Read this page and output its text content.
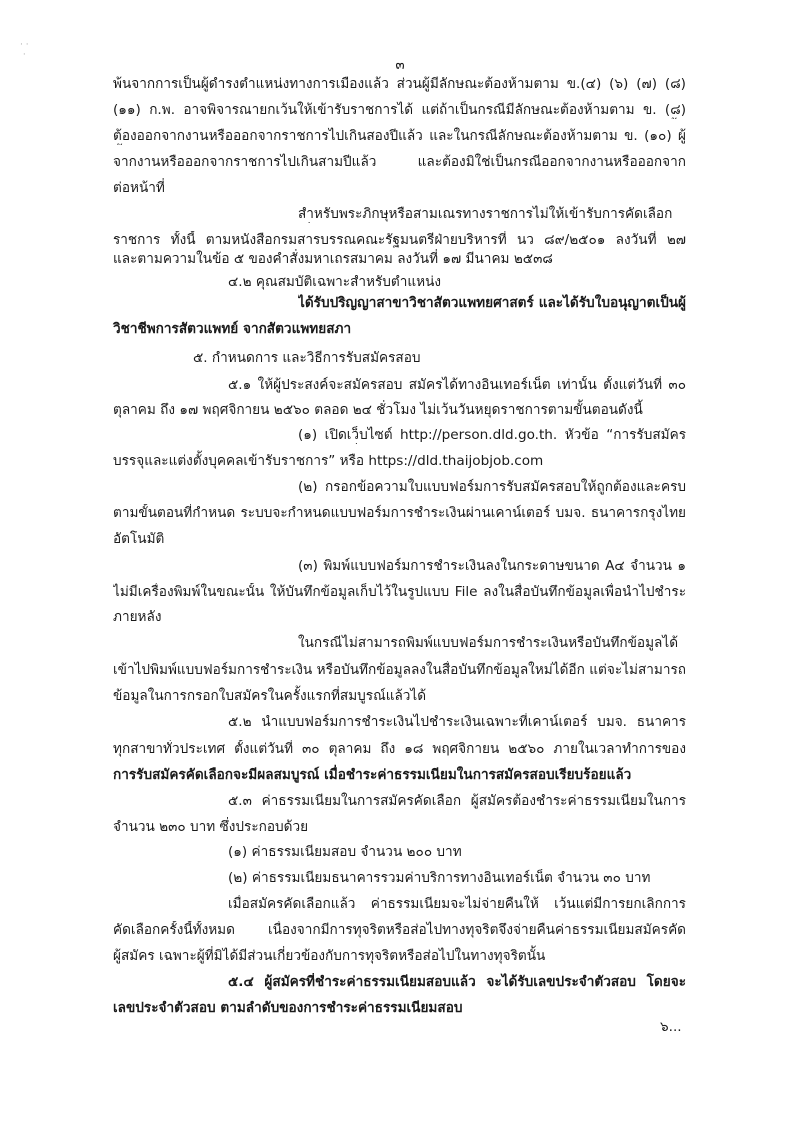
· ·
·
๓
พ้นจากการเป็นผู้ดำรงตำแหน่งทางการเมืองแล้ว ส่วนผู้มีลักษณะต้องห้ามตาม ข.(๔) (๖) (๗) (๘)
(๑๑) ก.พ. อาจพิจารณายกเว้นให้เข้ารับราชการได้ แต่ถ้าเป็นกรณีมีลักษณะต้องห้ามตาม ข. (๘)
ต้องออกจากงานหรือออกจากราชการไปเกินสองปีแล้ว และในกรณีลักษณะต้องห้ามตาม ข. (๑๐) ผู้
จากงานหรือออกจากราชการไปเกินสามปีแล้ว และต้องมิใช่เป็นกรณีออกจากงานหรือออกจาก
ต่อหน้าที่
สำหรับพระภิกษุหรือสามเณรทางราชการไม่ให้เข้ารับการคัดเลือก
ราชการ ทั้งนี้ ตามหนังสือกรมสารบรรณคณะรัฐมนตรีฝ่ายบริหารที่ นว ๘๙/๒๕๐๑ ลงวันที่ ๒๗
และตามความในข้อ ๕ ของคำสั่งมหาเถรสมาคม ลงวันที่ ๑๗ มีนาคม ๒๕๓๘
๔.๒ คุณสมบัติเฉพาะสำหรับตำแหน่ง
ได้รับปริญญาสาขาวิชาสัตวแพทยศาสตร์ และได้รับใบอนุญาตเป็นผู้
วิชาชีพการสัตวแพทย์ จากสัตวแพทยสภา
๕. กำหนดการ และวิธีการรับสมัครสอบ
๕.๑ ให้ผู้ประสงค์จะสมัครสอบ สมัครได้ทางอินเทอร์เน็ต เท่านั้น ตั้งแต่วันที่ ๓๐
ตุลาคม ถึง ๑๗ พฤศจิกายน ๒๕๖๐ ตลอด ๒๔ ชั่วโมง ไม่เว้นวันหยุดราชการตามขั้นตอนดังนี้
(๑) เปิดเว็บไซต์ http://person.dld.go.th. หัวข้อ “การรับสมัคร
บรรจุและแต่งตั้งบุคคลเข้ารับราชการ” หรือ https://dld.thaijobjob.com
(๒) กรอกข้อความใบแบบฟอร์มการรับสมัครสอบให้ถูกต้องและครบ
ตามขั้นตอนที่กำหนด ระบบจะกำหนดแบบฟอร์มการชำระเงินผ่านเคาน์เตอร์ บมจ. ธนาคารกรุงไทย
อัตโนมัติ
(๓) พิมพ์แบบฟอร์มการชำระเงินลงในกระดาษขนาด A๔ จำนวน ๑
ไม่มีเครื่องพิมพ์ในขณะนั้น ให้บันทึกข้อมูลเก็บไว้ในรูปแบบ File ลงในสื่อบันทึกข้อมูลเพื่อนำไปชำระ
ภายหลัง
ในกรณีไม่สามารถพิมพ์แบบฟอร์มการชำระเงินหรือบันทึกข้อมูลได้
เข้าไปพิมพ์แบบฟอร์มการชำระเงิน หรือบันทึกข้อมูลลงในสื่อบันทึกข้อมูลใหม่ได้อีก แต่จะไม่สามารถ
ข้อมูลในการกรอกใบสมัครในครั้งแรกที่สมบูรณ์แล้วได้
๕.๒ นำแบบฟอร์มการชำระเงินไปชำระเงินเฉพาะที่เคาน์เตอร์ บมจ. ธนาคาร
ทุกสาขาทั่วประเทศ ตั้งแต่วันที่ ๓๐ ตุลาคม ถึง ๑๘ พฤศจิกายน ๒๕๖๐ ภายในเวลาทำการของ
การรับสมัครคัดเลือกจะมีผลสมบูรณ์ เมื่อชำระค่าธรรมเนียมในการสมัครสอบเรียบร้อยแล้ว
๕.๓ ค่าธรรมเนียมในการสมัครคัดเลือก ผู้สมัครต้องชำระค่าธรรมเนียมในการ
จำนวน ๒๓๐ บาท ซึ่งประกอบด้วย
(๑) ค่าธรรมเนียมสอบ จำนวน ๒๐๐ บาท
(๒) ค่าธรรมเนียมธนาคารรวมค่าบริการทางอินเทอร์เน็ต จำนวน ๓๐ บาท
เมื่อสมัครคัดเลือกแล้ว ค่าธรรมเนียมจะไม่จ่ายคืนให้ เว้นแต่มีการยกเลิกการ
คัดเลือกครั้งนี้ทั้งหมด เนื่องจากมีการทุจริตหรือส่อไปทางทุจริตจึงจ่ายคืนค่าธรรมเนียมสมัครคัด
ผู้สมัคร เฉพาะผู้ที่มิได้มีส่วนเกี่ยวข้องกับการทุจริตหรือส่อไปในทางทุจริตนั้น
๕.๔ ผู้สมัครที่ชำระค่าธรรมเนียมสอบแล้ว จะได้รับเลขประจำตัวสอบ โดยจะ
เลขประจำตัวสอบ ตามลำดับของการชำระค่าธรรมเนียมสอบ
๖...
